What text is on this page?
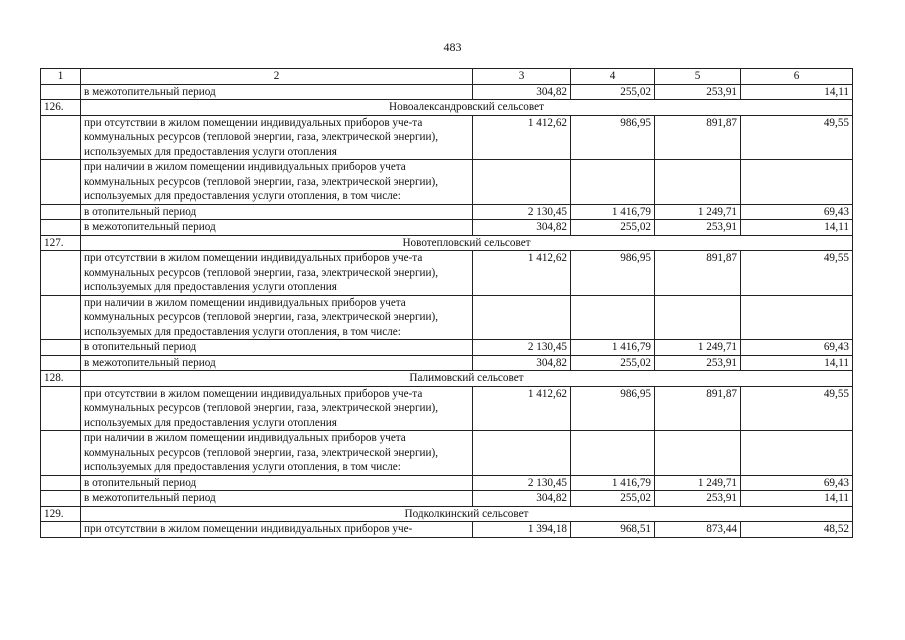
483
1	2	3	4	5	6
	в межотопительный период	304,82	255,02	253,91	14,11
126.	Новоалександровский сельсовет				
	при отсутствии в жилом помещении индивидуальных приборов уче-та коммунальных ресурсов (тепловой энергии, газа, электрической энергии), используемых для предоставления услуги отопления	1 412,62	986,95	891,87	49,55
	при наличии в жилом помещении индивидуальных приборов учета коммунальных ресурсов (тепловой энергии, газа, электрической энергии), используемых для предоставления услуги отопления, в том числе:				
	в отопительный период	2 130,45	1 416,79	1 249,71	69,43
	в межотопительный период	304,82	255,02	253,91	14,11
127.	Новотепловский сельсовет				
	при отсутствии в жилом помещении индивидуальных приборов уче-та коммунальных ресурсов (тепловой энергии, газа, электрической энергии), используемых для предоставления услуги отопления	1 412,62	986,95	891,87	49,55
	при наличии в жилом помещении индивидуальных приборов учета коммунальных ресурсов (тепловой энергии, газа, электрической энергии), используемых для предоставления услуги отопления, в том числе:				
	в отопительный период	2 130,45	1 416,79	1 249,71	69,43
	в межотопительный период	304,82	255,02	253,91	14,11
128.	Палимовский сельсовет				
	при отсутствии в жилом помещении индивидуальных приборов уче-та коммунальных ресурсов (тепловой энергии, газа, электрической энергии), используемых для предоставления услуги отопления	1 412,62	986,95	891,87	49,55
	при наличии в жилом помещении индивидуальных приборов учета коммунальных ресурсов (тепловой энергии, газа, электрической энергии), используемых для предоставления услуги отопления, в том числе:				
	в отопительный период	2 130,45	1 416,79	1 249,71	69,43
	в межотопительный период	304,82	255,02	253,91	14,11
129.	Подколкинский сельсовет				
	при отсутствии в жилом помещении индивидуальных приборов уче-	1 394,18	968,51	873,44	48,52
